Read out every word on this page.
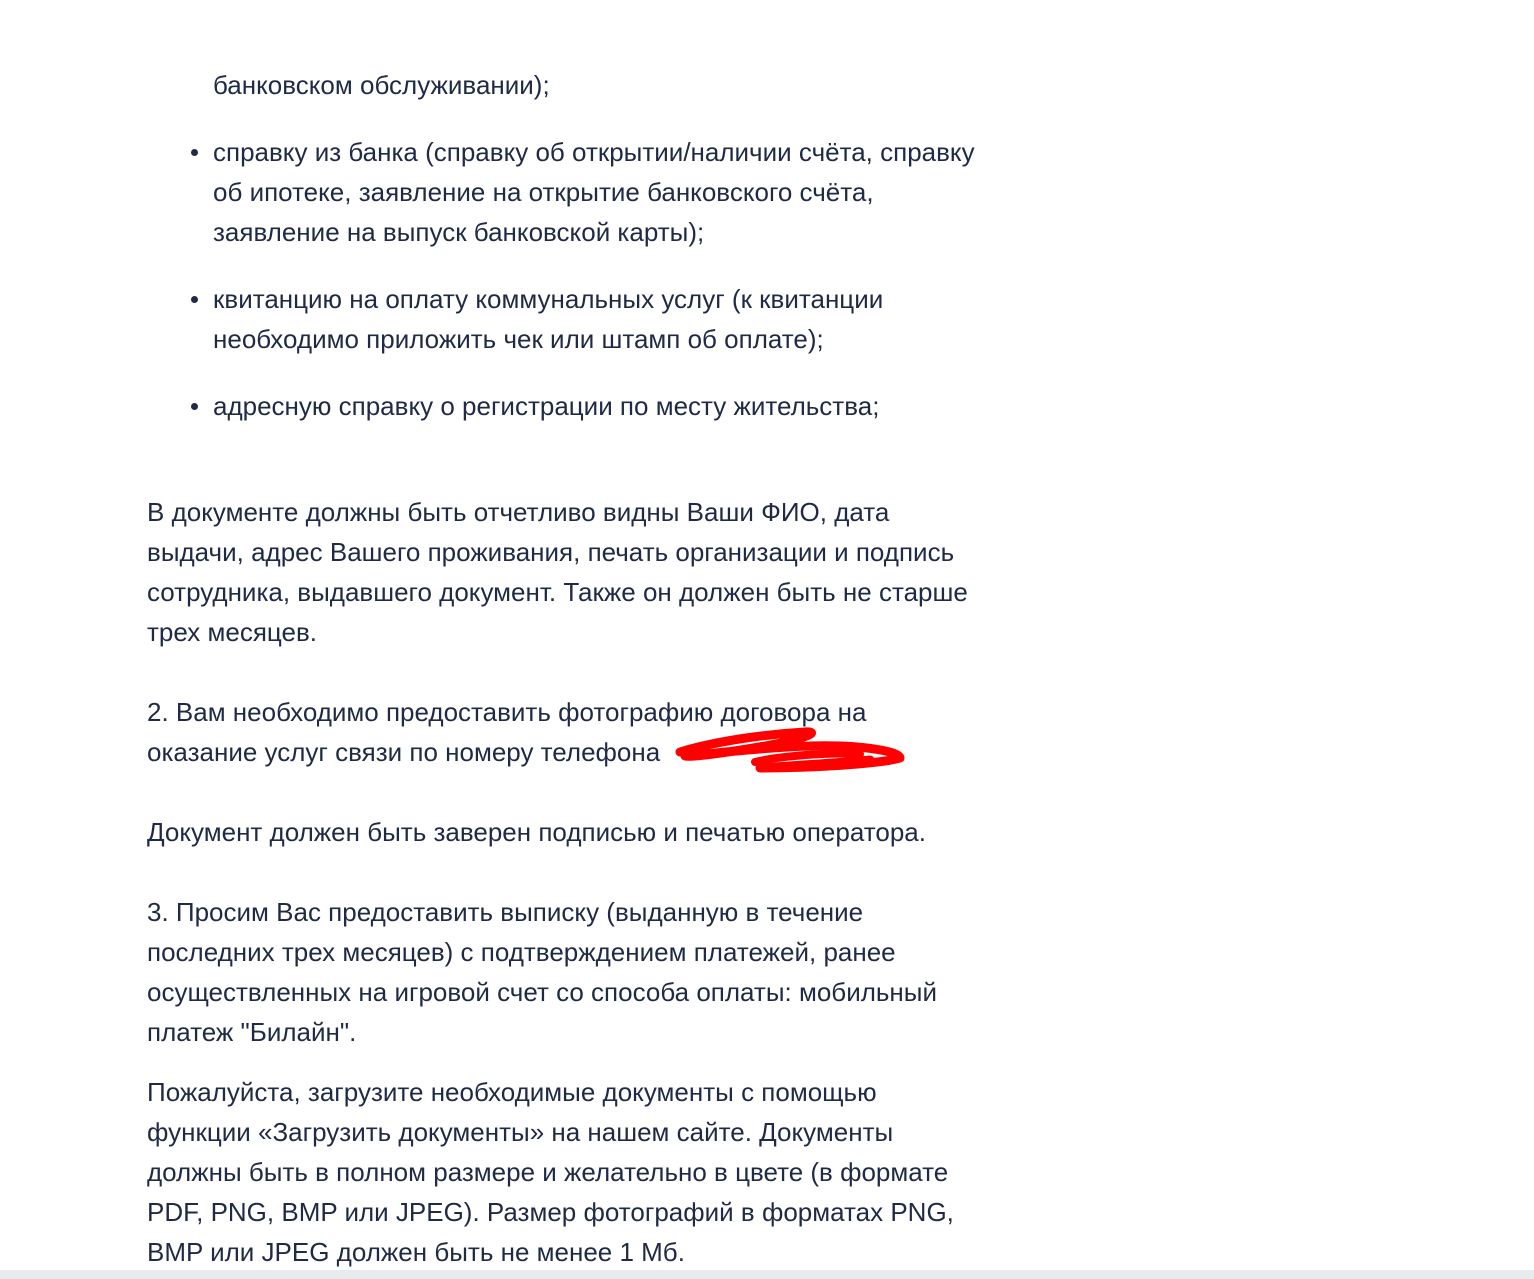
банковском обслуживании);
справку из банка (справку об открытии/наличии счёта, справку
об ипотеке, заявление на открытие банковского счёта,
заявление на выпуск банковской карты);
квитанцию на оплату коммунальных услуг (к квитанции
необходимо приложить чек или штамп об оплате);
адресную справку о регистрации по месту жительства;
В документе должны быть отчетливо видны Ваши ФИО, дата
выдачи, адрес Вашего проживания, печать организации и подпись
сотрудника, выдавшего документ. Также он должен быть не старше
трех месяцев.
2. Вам необходимо предоставить фотографию договора на
оказание услуг связи по номеру телефона
Документ должен быть заверен подписью и печатью оператора.
3. Просим Вас предоставить выписку (выданную в течение
последних трех месяцев) с подтверждением платежей, ранее
осуществленных на игровой счет со способа оплаты: мобильный
платеж "Билайн".
Пожалуйста, загрузите необходимые документы с помощью
функции «Загрузить документы» на нашем сайте. Документы
должны быть в полном размере и желательно в цвете (в формате
PDF, PNG, BMP или JPEG). Размер фотографий в форматах PNG,
BMP или JPEG должен быть не менее 1 Мб.
